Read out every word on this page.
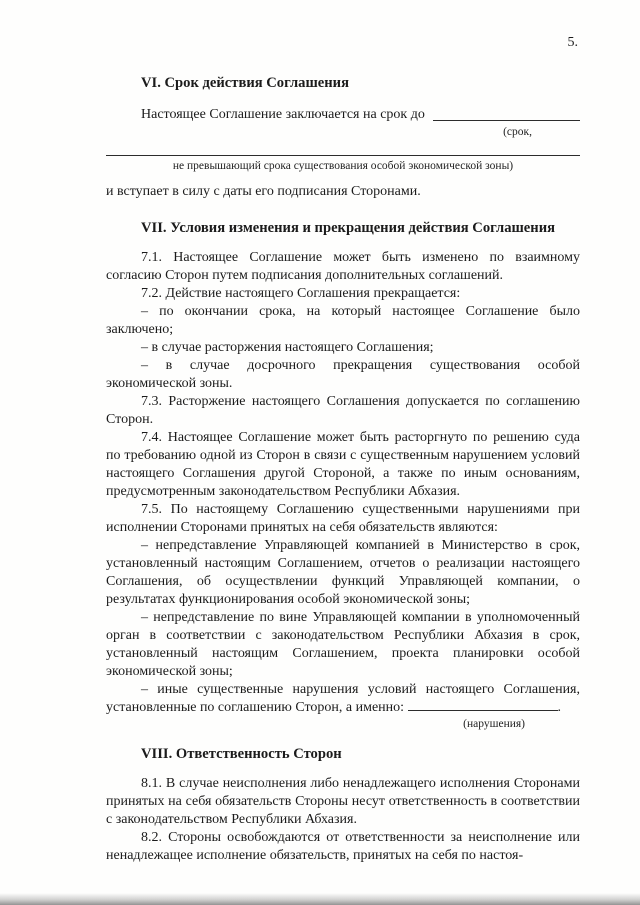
5.
VI. Срок действия Соглашения
Настоящее Соглашение заключается на срок до
(срок,
не превышающий срока существования особой экономической зоны)

и вступает в силу с даты его подписания Сторонами.

VII. Условия изменения и прекращения действия Соглашения

7.1. Настоящее Соглашение может быть изменено по взаимному согласию Сторон путем подписания дополнительных соглашений.

7.2. Действие настоящего Соглашения прекращается:

– по окончании срока, на который настоящее Соглашение было заключено;

– в случае расторжения настоящего Соглашения;

– в случае досрочного прекращения существования особой экономической зоны.

7.3. Расторжение настоящего Соглашения допускается по соглашению Сторон.

7.4. Настоящее Соглашение может быть расторгнуто по решению суда по требованию одной из Сторон в связи с существенным нарушением условий настоящего Соглашения другой Стороной, а также по иным основаниям, предусмотренным законодательством Республики Абхазия.

7.5. По настоящему Соглашению существенными нарушениями при исполнении Сторонами принятых на себя обязательств являются:

– непредставление Управляющей компанией в Министерство в срок, установленный настоящим Соглашением, отчетов о реализации настоящего Соглашения, об осуществлении функций Управляющей компании, о результатах функционирования особой экономической зоны;

– непредставление по вине Управляющей компании в уполномоченный орган в соответствии с законодательством Республики Абхазия в срок, установленный настоящим Соглашением, проекта планировки особой экономической зоны;

– иные существенные нарушения условий настоящего Соглашения, установленные по соглашению Сторон, а именно:	.

(нарушения)
VIII. Ответственность Сторон

8.1. В случае неисполнения либо ненадлежащего исполнения Сторонами принятых на себя обязательств Стороны несут ответственность в соответствии с законодательством Республики Абхазия.

8.2. Стороны освобождаются от ответственности за неисполнение или ненадлежащее исполнение обязательств, принятых на себя по настоя-
